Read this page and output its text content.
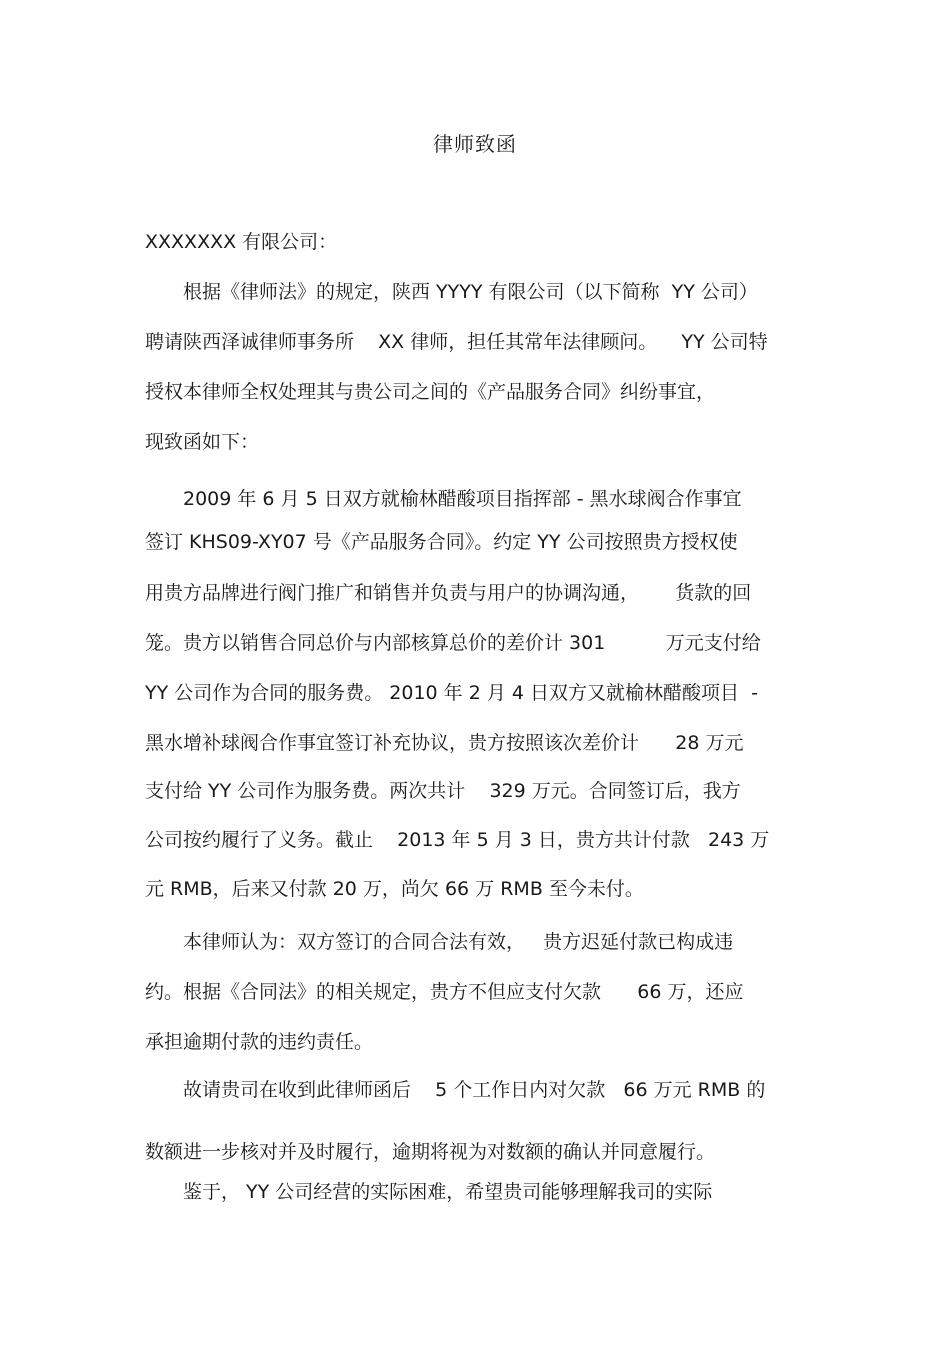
律师致函
XXXXXXX 有限公司：
　　根据《律师法》的规定，陕西 YYYY 有限公司（以下简称  YY 公司）
聘请陕西泽诚律师事务所    XX 律师，担任其常年法律顾问。    YY 公司特
授权本律师全权处理其与贵公司之间的《产品服务合同》纠纷事宜，
现致函如下：
　　2009 年 6 月 5 日双方就榆林醋酸项目指挥部 - 黑水球阀合作事宜
签订 KHS09-XY07 号《产品服务合同》。约定 YY 公司按照贵方授权使
用贵方品牌进行阀门推广和销售并负责与用户的协调沟通，      货款的回
笼。贵方以销售合同总价与内部核算总价的差价计 301          万元支付给
YY 公司作为合同的服务费。 2010 年 2 月 4 日双方又就榆林醋酸项目  -
黑水增补球阀合作事宜签订补充协议，贵方按照该次差价计      28 万元
支付给 YY 公司作为服务费。两次共计    329 万元。合同签订后，我方
公司按约履行了义务。截止    2013 年 5 月 3 日，贵方共计付款   243 万
元 RMB，后来又付款 20 万，尚欠 66 万 RMB 至今未付。
　　本律师认为：双方签订的合同合法有效，   贵方迟延付款已构成违
约。根据《合同法》的相关规定，贵方不但应支付欠款      66 万，还应
承担逾期付款的违约责任。
　　故请贵司在收到此律师函后    5 个工作日内对欠款   66 万元 RMB 的
数额进一步核对并及时履行，逾期将视为对数额的确认并同意履行。
　　鉴于， YY 公司经营的实际困难，希望贵司能够理解我司的实际
